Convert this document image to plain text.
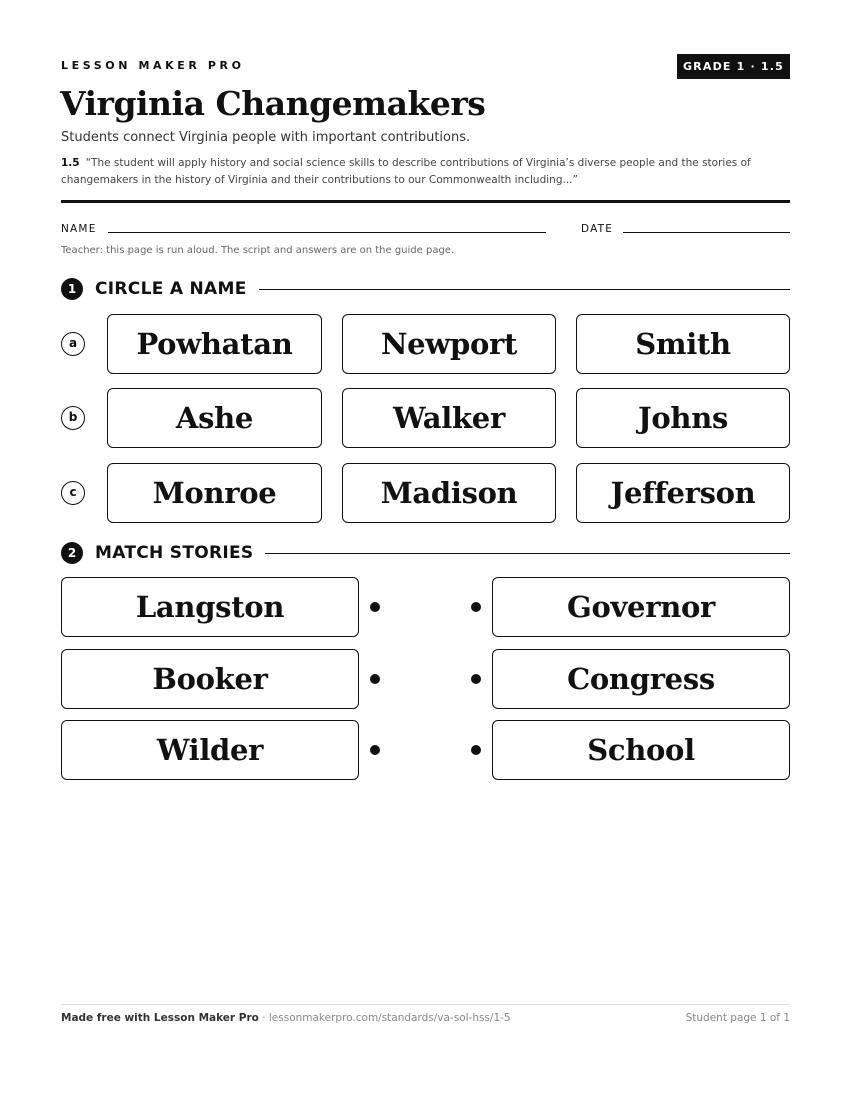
LESSON MAKER PRO	GRADE 1 · 1.5
Virginia Changemakers
Students connect Virginia people with important contributions.
1.5 “The student will apply history and social science skills to describe contributions of Virginia’s diverse people and the stories of changemakers in the history of Virginia and their contributions to our Commonwealth including...”
NAME	DATE
Teacher: this page is run aloud. The script and answers are on the guide page.
1	CIRCLE A NAME
a	Powhatan	Newport	Smith
b	Ashe	Walker	Johns
c	Monroe	Madison	Jefferson
2	MATCH STORIES
Langston	Governor
Booker	Congress
Wilder	School
Made free with Lesson Maker Pro · lessonmakerpro.com/standards/va-sol-hss/1-5	Student page 1 of 1
